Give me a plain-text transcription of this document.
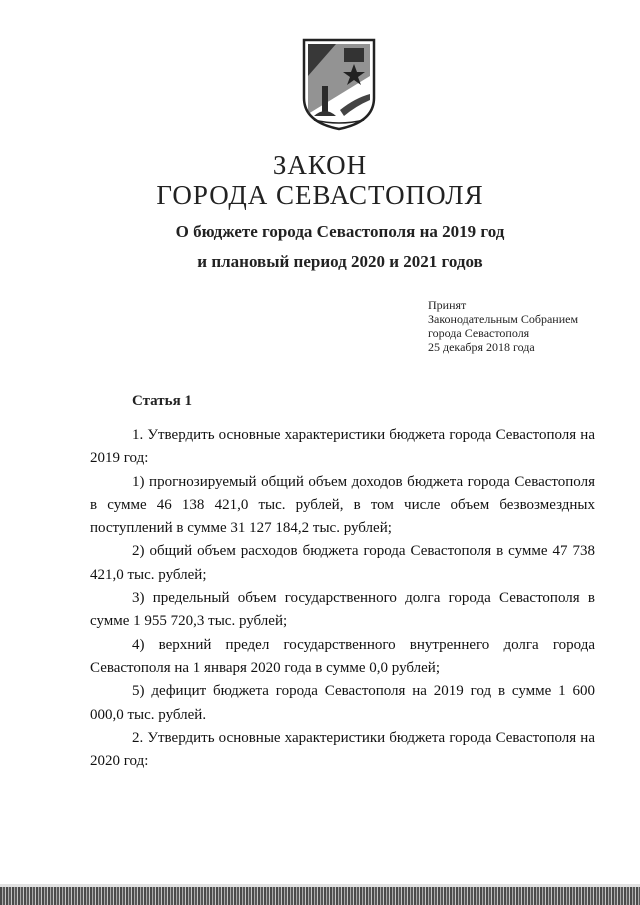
ЗАКОН
ГОРОДА СЕВАСТОПОЛЯ
О бюджете города Севастополя на 2019 год
и плановый период 2020 и 2021 годов
Принят
Законодательным Собранием
города Севастополя
25 декабря 2018 года
Статья 1

1. Утвердить основные характеристики бюджета города Севастополя на 2019 год:

1) прогнозируемый общий объем доходов бюджета города Севастополя в сумме 46 138 421,0 тыс. рублей, в том числе объем безвозмездных поступлений в сумме 31 127 184,2 тыс. рублей;

2) общий объем расходов бюджета города Севастополя в сумме 47 738 421,0 тыс. рублей;

3) предельный объем государственного долга города Севастополя в сумме 1 955 720,3 тыс. рублей;

4) верхний предел государственного внутреннего долга города Севастополя на 1 января 2020 года в сумме 0,0 рублей;

5) дефицит бюджета города Севастополя на 2019 год в сумме 1 600 000,0 тыс. рублей.

2. Утвердить основные характеристики бюджета города Севастополя на 2020 год:
